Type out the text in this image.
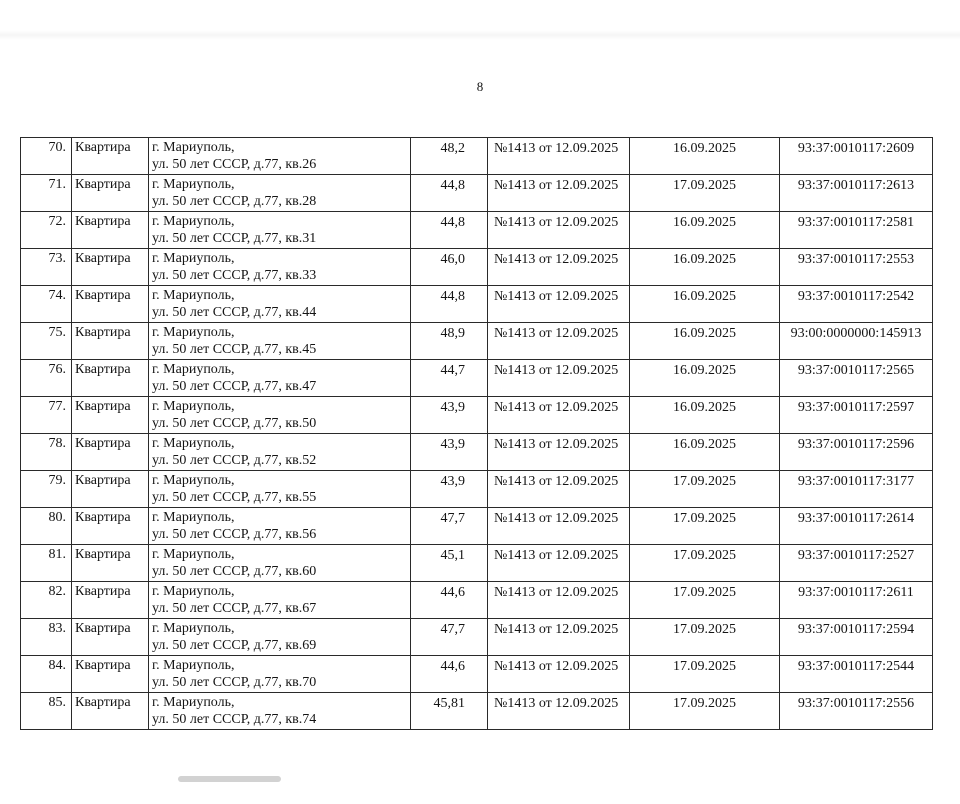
8
70.	Квартира	г. Мариуполь,
ул. 50 лет СССР, д.77, кв.26	48,2	№1413 от 12.09.2025	16.09.2025	93:37:0010117:2609
71.	Квартира	г. Мариуполь,
ул. 50 лет СССР, д.77, кв.28	44,8	№1413 от 12.09.2025	17.09.2025	93:37:0010117:2613
72.	Квартира	г. Мариуполь,
ул. 50 лет СССР, д.77, кв.31	44,8	№1413 от 12.09.2025	16.09.2025	93:37:0010117:2581
73.	Квартира	г. Мариуполь,
ул. 50 лет СССР, д.77, кв.33	46,0	№1413 от 12.09.2025	16.09.2025	93:37:0010117:2553
74.	Квартира	г. Мариуполь,
ул. 50 лет СССР, д.77, кв.44	44,8	№1413 от 12.09.2025	16.09.2025	93:37:0010117:2542
75.	Квартира	г. Мариуполь,
ул. 50 лет СССР, д.77, кв.45	48,9	№1413 от 12.09.2025	16.09.2025	93:00:0000000:145913
76.	Квартира	г. Мариуполь,
ул. 50 лет СССР, д.77, кв.47	44,7	№1413 от 12.09.2025	16.09.2025	93:37:0010117:2565
77.	Квартира	г. Мариуполь,
ул. 50 лет СССР, д.77, кв.50	43,9	№1413 от 12.09.2025	16.09.2025	93:37:0010117:2597
78.	Квартира	г. Мариуполь,
ул. 50 лет СССР, д.77, кв.52	43,9	№1413 от 12.09.2025	16.09.2025	93:37:0010117:2596
79.	Квартира	г. Мариуполь,
ул. 50 лет СССР, д.77, кв.55	43,9	№1413 от 12.09.2025	17.09.2025	93:37:0010117:3177
80.	Квартира	г. Мариуполь,
ул. 50 лет СССР, д.77, кв.56	47,7	№1413 от 12.09.2025	17.09.2025	93:37:0010117:2614
81.	Квартира	г. Мариуполь,
ул. 50 лет СССР, д.77, кв.60	45,1	№1413 от 12.09.2025	17.09.2025	93:37:0010117:2527
82.	Квартира	г. Мариуполь,
ул. 50 лет СССР, д.77, кв.67	44,6	№1413 от 12.09.2025	17.09.2025	93:37:0010117:2611
83.	Квартира	г. Мариуполь,
ул. 50 лет СССР, д.77, кв.69	47,7	№1413 от 12.09.2025	17.09.2025	93:37:0010117:2594
84.	Квартира	г. Мариуполь,
ул. 50 лет СССР, д.77, кв.70	44,6	№1413 от 12.09.2025	17.09.2025	93:37:0010117:2544
85.	Квартира	г. Мариуполь,
ул. 50 лет СССР, д.77, кв.74	45,81	№1413 от 12.09.2025	17.09.2025	93:37:0010117:2556
